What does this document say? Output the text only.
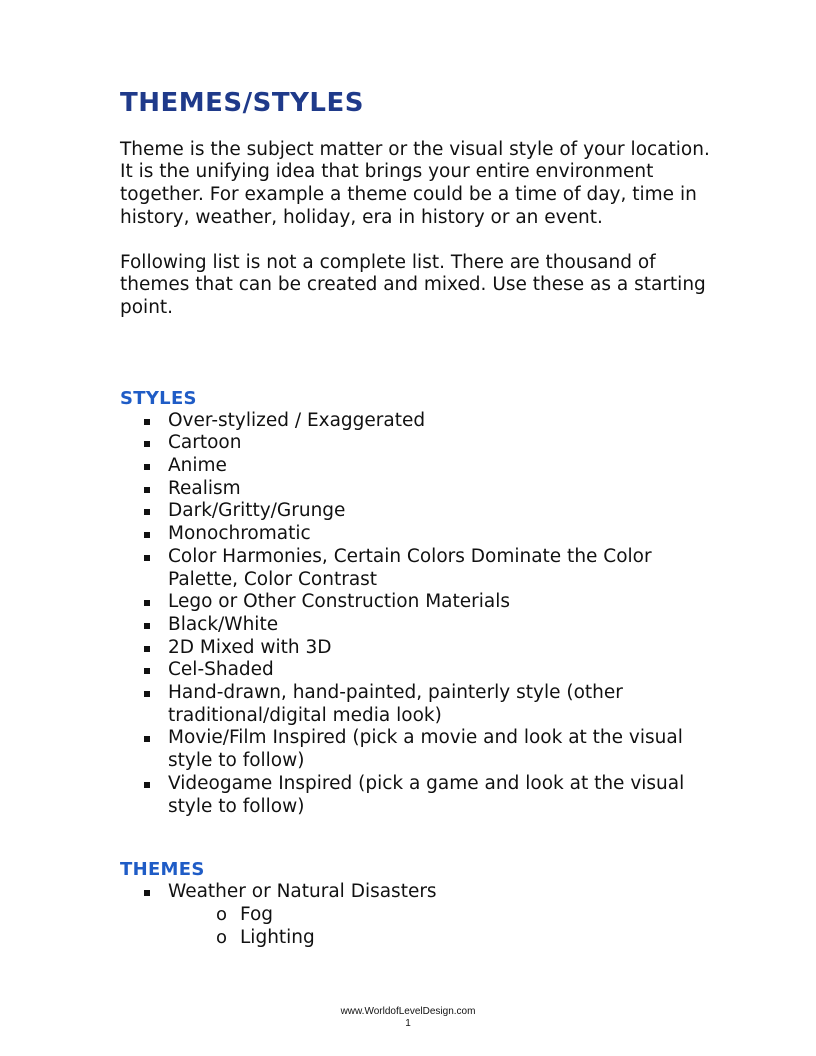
THEMES/STYLES

Theme is the subject matter or the visual style of your location. It is the unifying idea that brings your entire environment together. For example a theme could be a time of day, time in history, weather, holiday, era in history or an event.

Following list is not a complete list. There are thousand of themes that can be created and mixed. Use these as a starting point.

STYLES
Over-stylized / Exaggerated
Cartoon
Anime
Realism
Dark/Gritty/Grunge
Monochromatic
Color Harmonies, Certain Colors Dominate the Color Palette, Color Contrast
Lego or Other Construction Materials
Black/White
2D Mixed with 3D
Cel-Shaded
Hand-drawn, hand-painted, painterly style (other traditional/digital media look)
Movie/Film Inspired (pick a movie and look at the visual style to follow)
Videogame Inspired (pick a game and look at the visual style to follow)
THEMES
Weather or Natural Disasters
o Fog
o Lighting
www.WorldofLevelDesign.com
1
